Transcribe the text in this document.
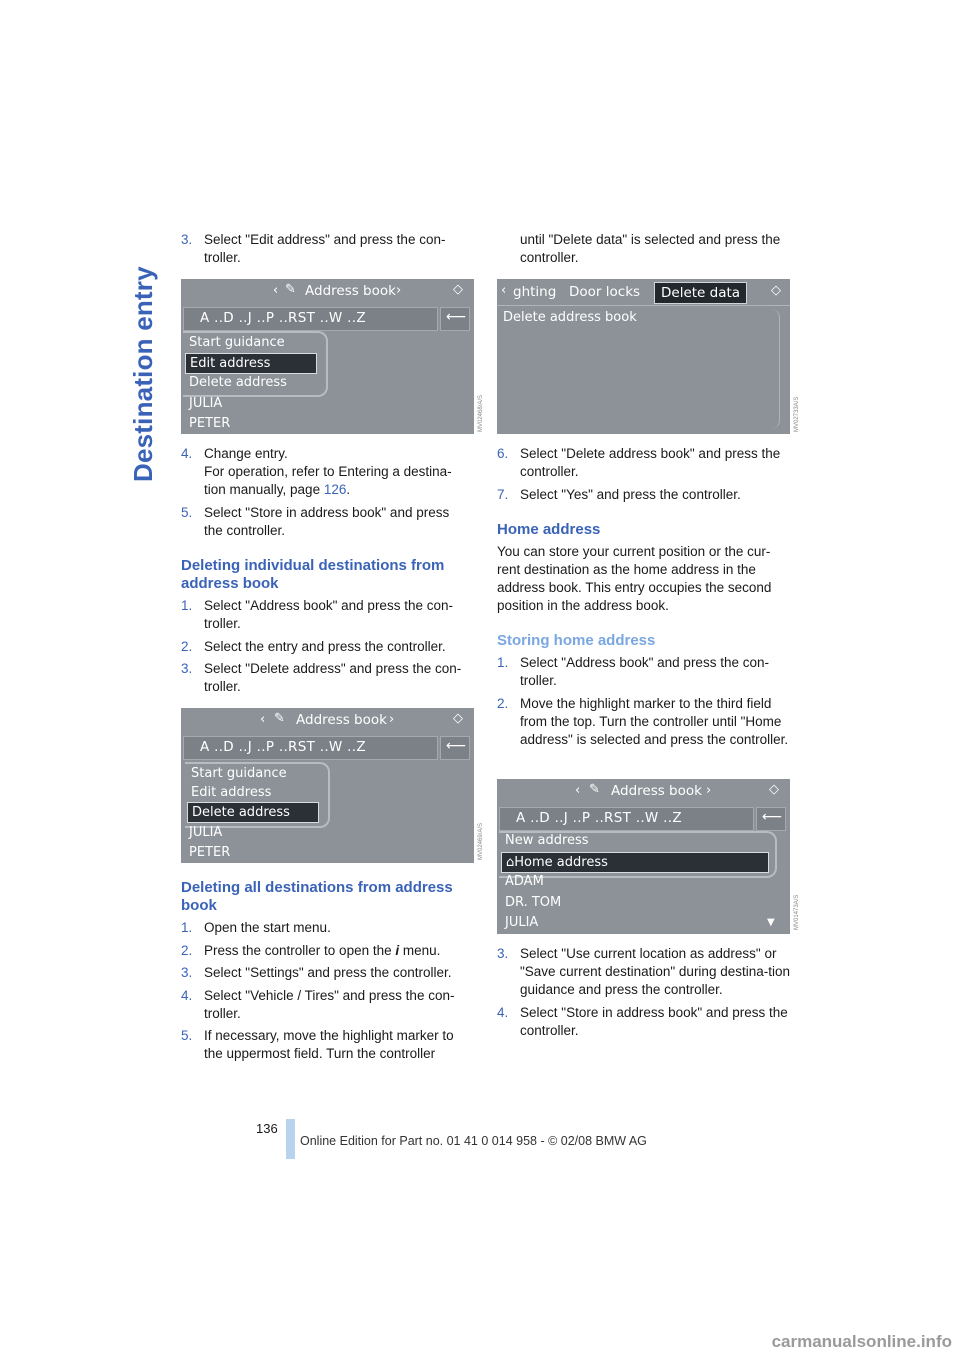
Destination entry
3. Select "Edit address" and press the con-troller.
‹ ✎ Address book ›	◇
A ..D ..J ..P ..RST ..W ..Z	⟵
Start guidance
Edit address
Delete address
JULIA
PETER	MV02468/A/S
4. Change entry.
For operation, refer to Entering a destina-tion manually, page 126.
5. Select "Store in address book" and press the controller.
Deleting individual destinations from address book
1. Select "Address book" and press the con-troller.
2. Select the entry and press the controller.
3. Select "Delete address" and press the con-troller.
‹ ✎ Address book ›	◇
A ..D ..J ..P ..RST ..W ..Z	⟵
Start guidance
Edit address
Delete address
JULIA
PETER	MV02469/A/S
Deleting all destinations from address book
1. Open the start menu.
2. Press the controller to open the i menu.
3. Select "Settings" and press the controller.
4. Select "Vehicle / Tires" and press the con-troller.
5. If necessary, move the highlight marker to the uppermost field. Turn the controller

until "Delete data" is selected and press the controller.

‹ ghting Door locks	Delete data	◇
Delete address book
MV02733A/S
6. Select "Delete address book" and press the controller.
7. Select "Yes" and press the controller.
Home address

You can store your current position or the cur-rent destination as the home address in the address book. This entry occupies the second position in the address book.

Storing home address
1. Select "Address book" and press the con-troller.
2. Move the highlight marker to the third field from the top. Turn the controller until "Home address" is selected and press the controller.
‹ ✎ Address book ›	◇
A ..D ..J ..P ..RST ..W ..Z	⟵
New address
⌂Home address
ADAM
DR. TOM
JULIA	▼	MV01473A/S
3. Select "Use current location as address" or "Save current destination" during destina-tion guidance and press the controller.
4. Select "Store in address book" and press the controller.
136
Online Edition for Part no. 01 41 0 014 958 - © 02/08 BMW AG
carmanualsonline.info
